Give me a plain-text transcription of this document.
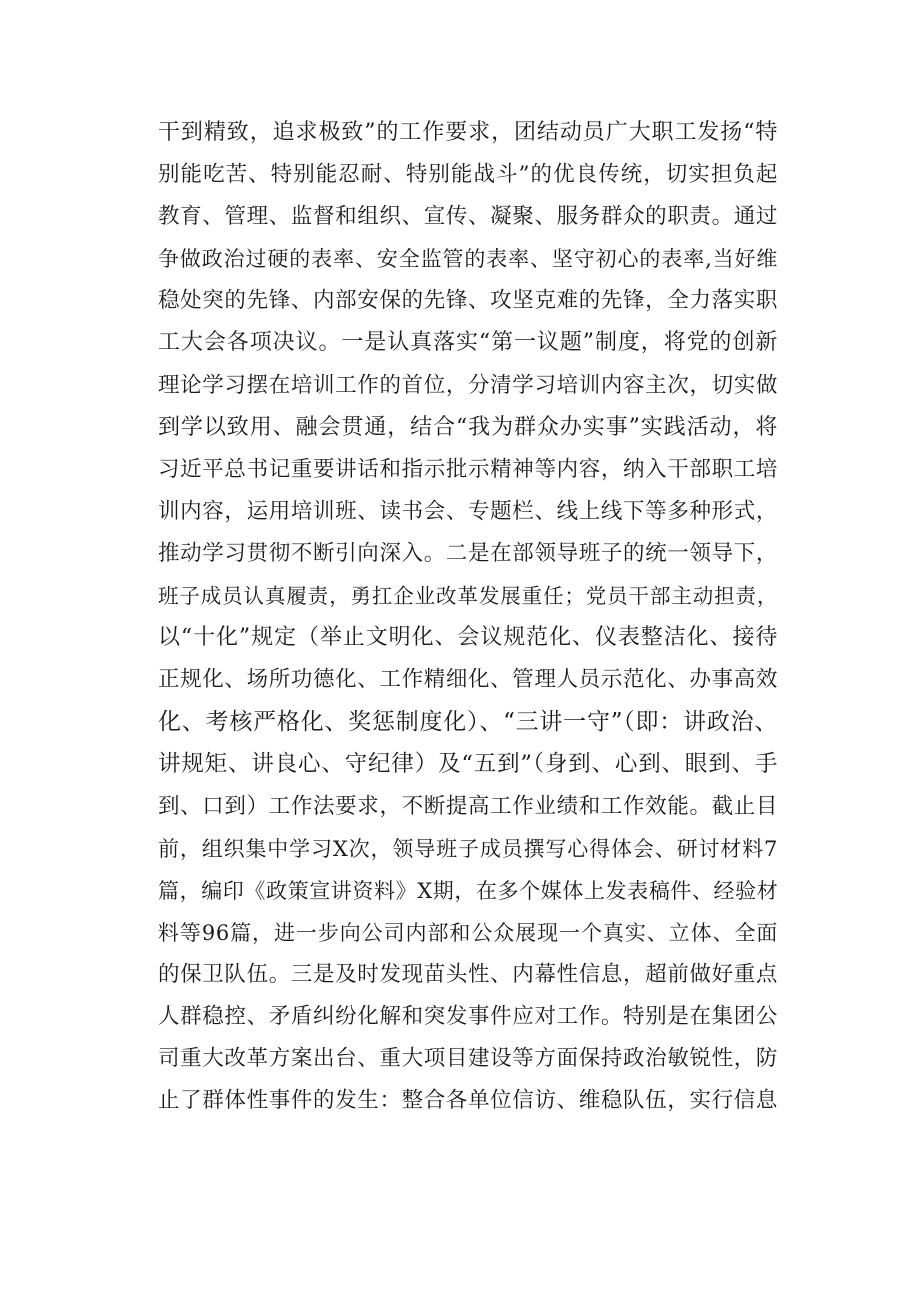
干到精致，追求极致”的工作要求，团结动员广大职工发扬“特
别能吃苦、特别能忍耐、特别能战斗”的优良传统，切实担负起
教育、管理、监督和组织、宣传、凝聚、服务群众的职责。通过
争做政治过硬的表率、安全监管的表率、坚守初心的表率,当好维
稳处突的先锋、内部安保的先锋、攻坚克难的先锋，全力落实职
工大会各项决议。一是认真落实“第一议题”制度，将党的创新
理论学习摆在培训工作的首位，分清学习培训内容主次，切实做
到学以致用、融会贯通，结合“我为群众办实事”实践活动，将
习近平总书记重要讲话和指示批示精神等内容，纳入干部职工培
训内容，运用培训班、读书会、专题栏、线上线下等多种形式，
推动学习贯彻不断引向深入。二是在部领导班子的统一领导下，
班子成员认真履责，勇扛企业改革发展重任；党员干部主动担责，
以“十化”规定（举止文明化、会议规范化、仪表整洁化、接待
正规化、场所功德化、工作精细化、管理人员示范化、办事高效
化、考核严格化、奖惩制度化）、“三讲一守”（即：讲政治、
讲规矩、讲良心、守纪律）及“五到”（身到、心到、眼到、手
到、口到）工作法要求，不断提高工作业绩和工作效能。截止目
前，组织集中学习X次，领导班子成员撰写心得体会、研讨材料7
篇，编印《政策宣讲资料》X期，在多个媒体上发表稿件、经验材
料等96篇，进一步向公司内部和公众展现一个真实、立体、全面
的保卫队伍。三是及时发现苗头性、内幕性信息，超前做好重点
人群稳控、矛盾纠纷化解和突发事件应对工作。特别是在集团公
司重大改革方案出台、重大项目建设等方面保持政治敏锐性，防
止了群体性事件的发生：整合各单位信访、维稳队伍，实行信息
